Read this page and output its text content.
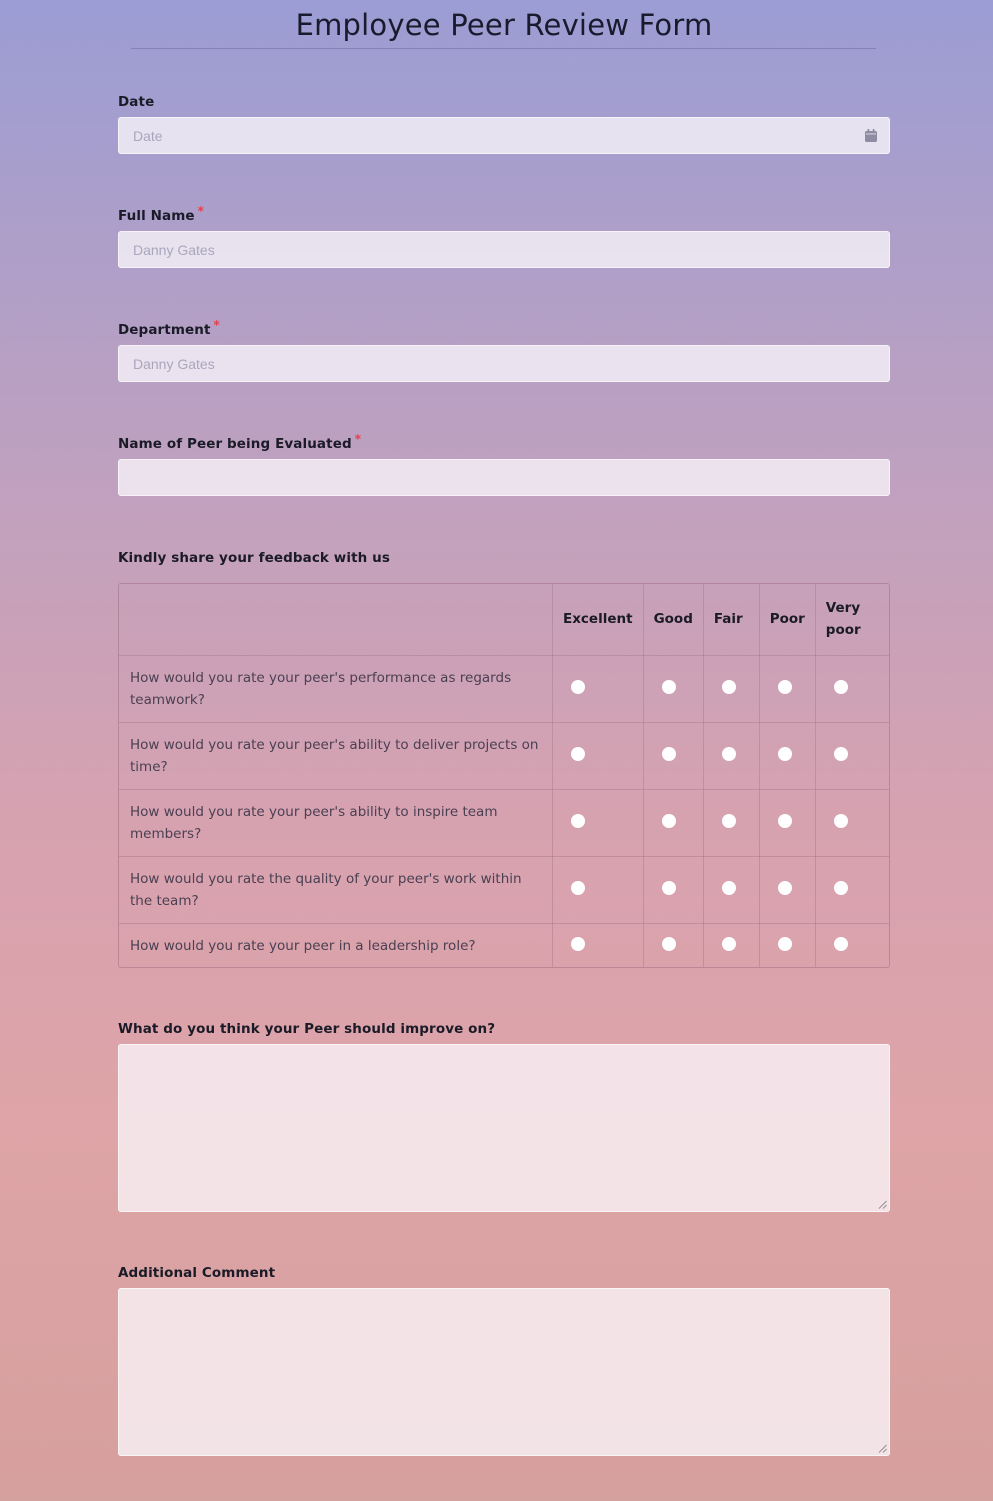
Employee Peer Review Form
Date
Date
Full Name *
Danny Gates
Department *
Danny Gates
Name of Peer being Evaluated *
Kindly share your feedback with us
	Excellent	Good	Fair	Poor	Very poor
How would you rate your peer's performance as regards teamwork?					
How would you rate your peer's ability to deliver projects on time?					
How would you rate your peer's ability to inspire team members?					
How would you rate the quality of your peer's work within the team?					
How would you rate your peer in a leadership role?					
What do you think your Peer should improve on?
Additional Comment
